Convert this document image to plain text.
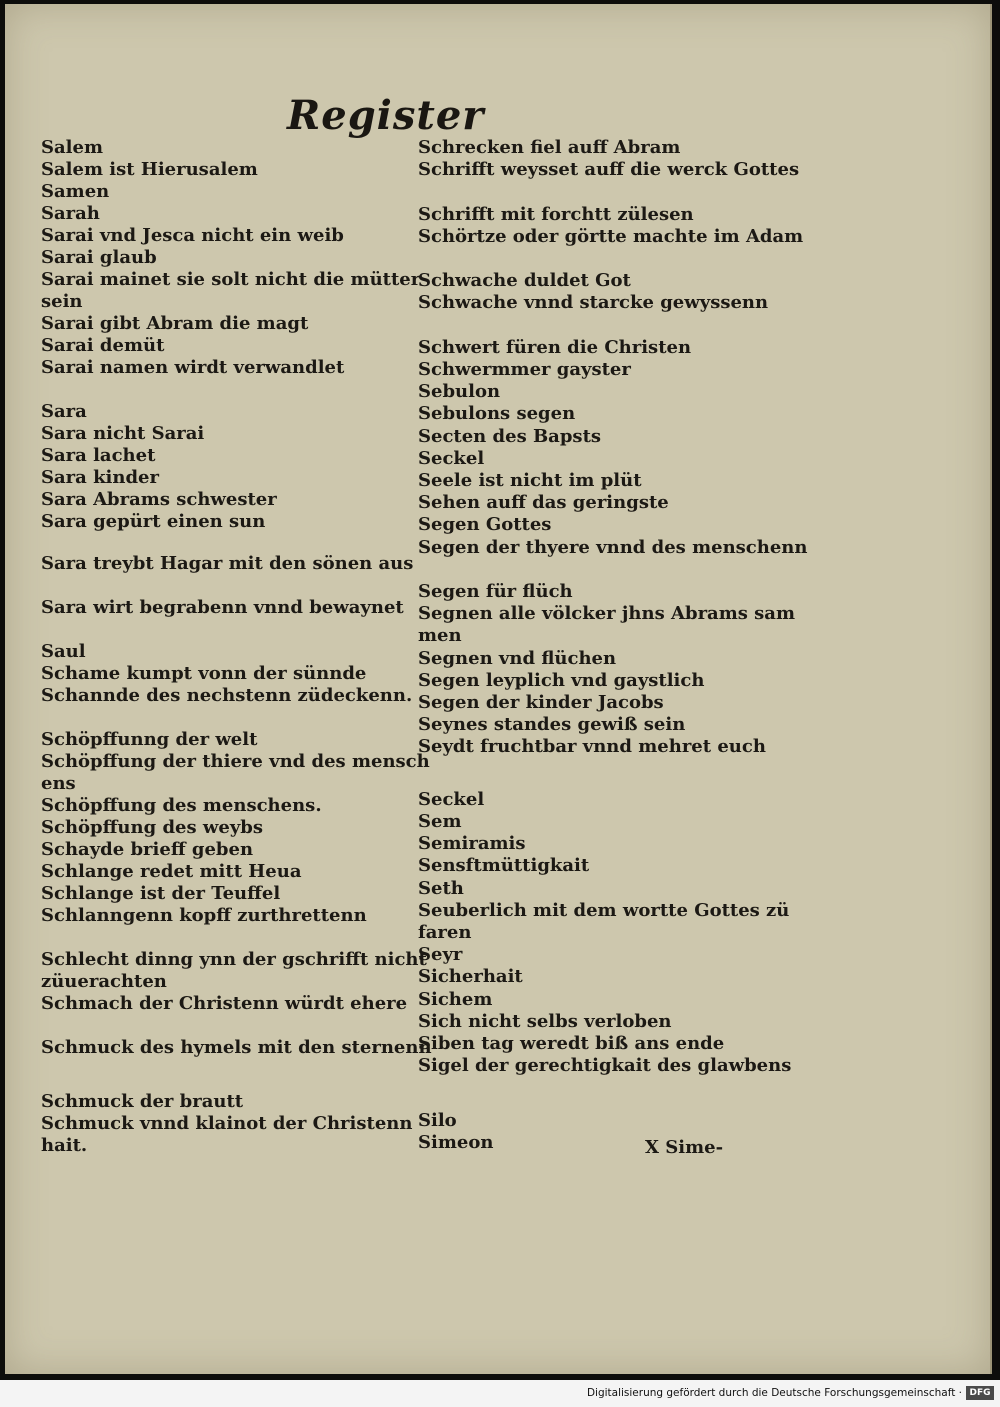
Register
Salem
Salem ist Hierusalem
Samen
Sarah
Sarai vnd Jesca nicht ein weib
Sarai glaub
Sarai mainet sie solt nicht die mütter
sein
Sarai gibt Abram die magt
Sarai demüt
Sarai namen wirdt verwandlet
Sara
Sara nicht Sarai
Sara lachet
Sara kinder
Sara Abrams schwester
Sara gepürt einen sun
Sara treybt Hagar mit den sönen aus
Sara wirt begrabenn vnnd bewaynet
Saul
Schame kumpt vonn der sünnde
Schannde des nechstenn züdeckenn.
Schöpffunng der welt
Schöpffung der thiere vnd des mensch
ens
Schöpffung des menschens.
Schöpffung des weybs
Schayde brieff geben
Schlange redet mitt Heua
Schlange ist der Teuffel
Schlanngenn kopff zurthrettenn
Schlecht dinng ynn der gschrifft nicht
züuerachten
Schmach der Christenn würdt ehere
Schmuck des hymels mit den sternenn
Schmuck der brautt
Schmuck vnnd klainot der Christenn
hait.
Schrecken fiel auff Abram
Schrifft weysset auff die werck Gottes
Schrifft mit forchtt zülesen
Schörtze oder görtte machte im Adam
Schwache duldet Got
Schwache vnnd starcke gewyssenn
Schwert füren die Christen
Schwermmer gayster
Sebulon
Sebulons segen
Secten des Bapsts
Seckel
Seele ist nicht im plüt
Sehen auff das geringste
Segen Gottes
Segen der thyere vnnd des menschenn
Segen für flüch
Segnen alle völcker jhns Abrams sam
men
Segnen vnd flüchen
Segen leyplich vnd gaystlich
Segen der kinder Jacobs
Seynes standes gewiß sein
Seydt fruchtbar vnnd mehret euch
Seckel
Sem
Semiramis
Sensftmüttigkait
Seth
Seuberlich mit dem wortte Gottes zü
faren
Seyr
Sicherhait
Sichem
Sich nicht selbs verloben
Siben tag weredt biß ans ende
Sigel der gerechtigkait des glawbens
Silo
Simeon	X Sime-
Digitalisierung gefördert durch die Deutsche Forschungsgemeinschaft · DFG
